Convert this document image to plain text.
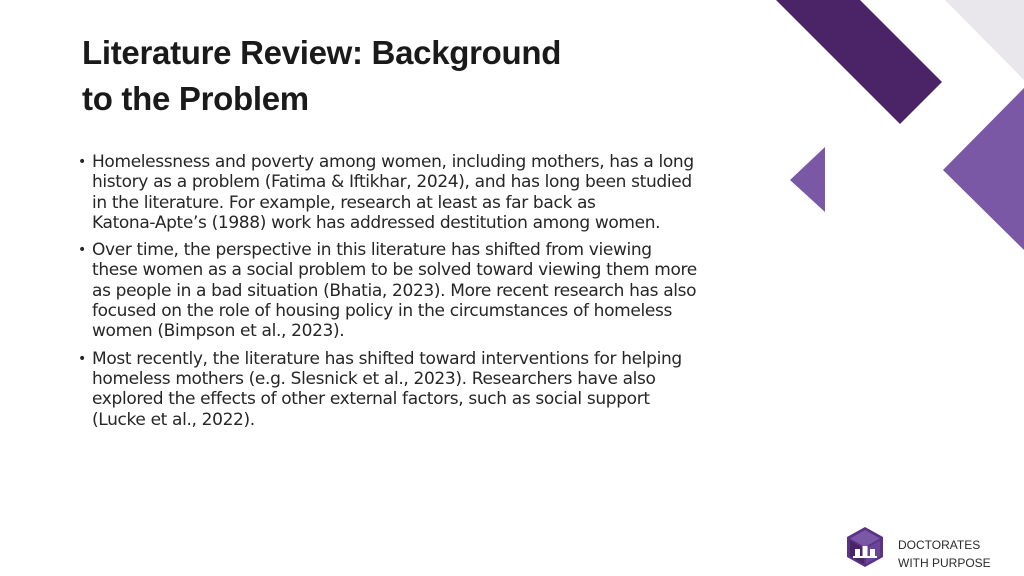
Literature Review: Background
to the Problem
• Homelessness and poverty among women, including mothers, has a long
history as a problem (Fatima & Iftikhar, 2024), and has long been studied
in the literature. For example, research at least as far back as
Katona-Apte’s (1988) work has addressed destitution among women.
• Over time, the perspective in this literature has shifted from viewing
these women as a social problem to be solved toward viewing them more
as people in a bad situation (Bhatia, 2023). More recent research has also
focused on the role of housing policy in the circumstances of homeless
women (Bimpson et al., 2023).
• Most recently, the literature has shifted toward interventions for helping
homeless mothers (e.g. Slesnick et al., 2023). Researchers have also
explored the effects of other external factors, such as social support
(Lucke et al., 2022).
DOCTORATES
WITH PURPOSE
